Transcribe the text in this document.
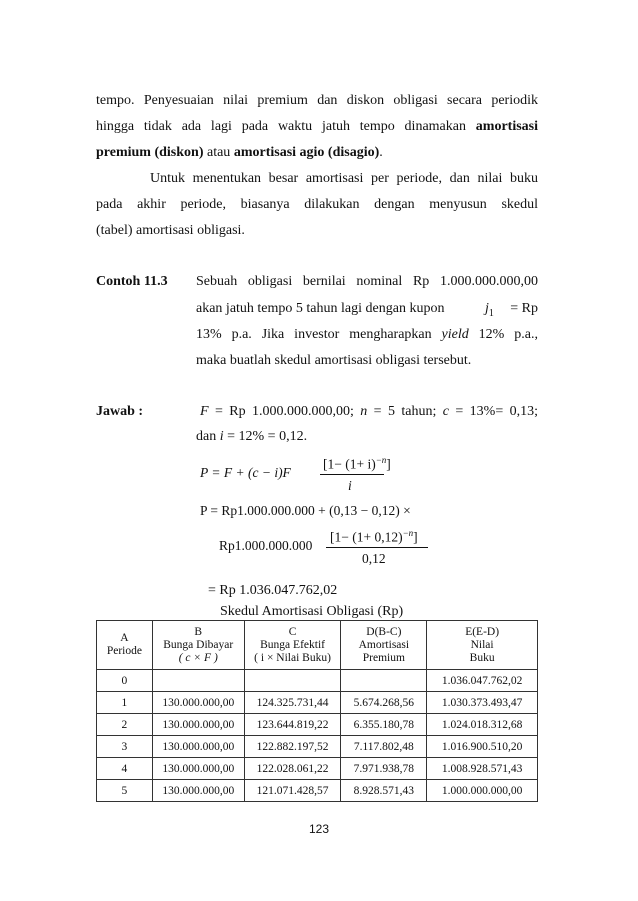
tempo. Penyesuaian nilai premium dan diskon obligasi secara periodik
hingga tidak ada lagi pada waktu jatuh tempo dinamakan amortisasi
premium (diskon) atau amortisasi agio (disagio).
Untuk menentukan besar amortisasi per periode, dan nilai buku
pada akhir periode, biasanya dilakukan dengan menyusun skedul
(tabel) amortisasi obligasi.
Contoh 11.3 Sebuah obligasi bernilai nominal Rp 1.000.000.000,00
akan jatuh tempo 5 tahun lagi dengan kupon	$j_1 = Rp$
13% p.a. Jika investor mengharapkan yield 12% p.a.,
maka buatlah skedul amortisasi obligasi tersebut.
Jawab :	F = Rp 1.000.000.000,00; n = 5 tahun; c = 13%= 0,13;
dan i = 12% = 0,12.
P = F + (c − i)F
$[1- (1+ i)^{-n}]$
i
P = Rp1.000.000.000 + (0,13 − 0,12) ×
Rp1.000.000.000
$[1- (1+ 0,12)^{-n}]$
0,12
= Rp 1.036.047.762,02
Skedul Amortisasi Obligasi (Rp)
A
Periode	B
Bunga Dibayar
( c × F )	C
Bunga Efektif
( i × Nilai Buku)	D(B-C)
Amortisasi
Premium	E(E-D)
Nilai
Buku
0				1.036.047.762,02
1	130.000.000,00	124.325.731,44	5.674.268,56	1.030.373.493,47
2	130.000.000,00	123.644.819,22	6.355.180,78	1.024.018.312,68
3	130.000.000,00	122.882.197,52	7.117.802,48	1.016.900.510,20
4	130.000.000,00	122.028.061,22	7.971.938,78	1.008.928.571,43
5	130.000.000,00	121.071.428,57	8.928.571,43	1.000.000.000,00
123
